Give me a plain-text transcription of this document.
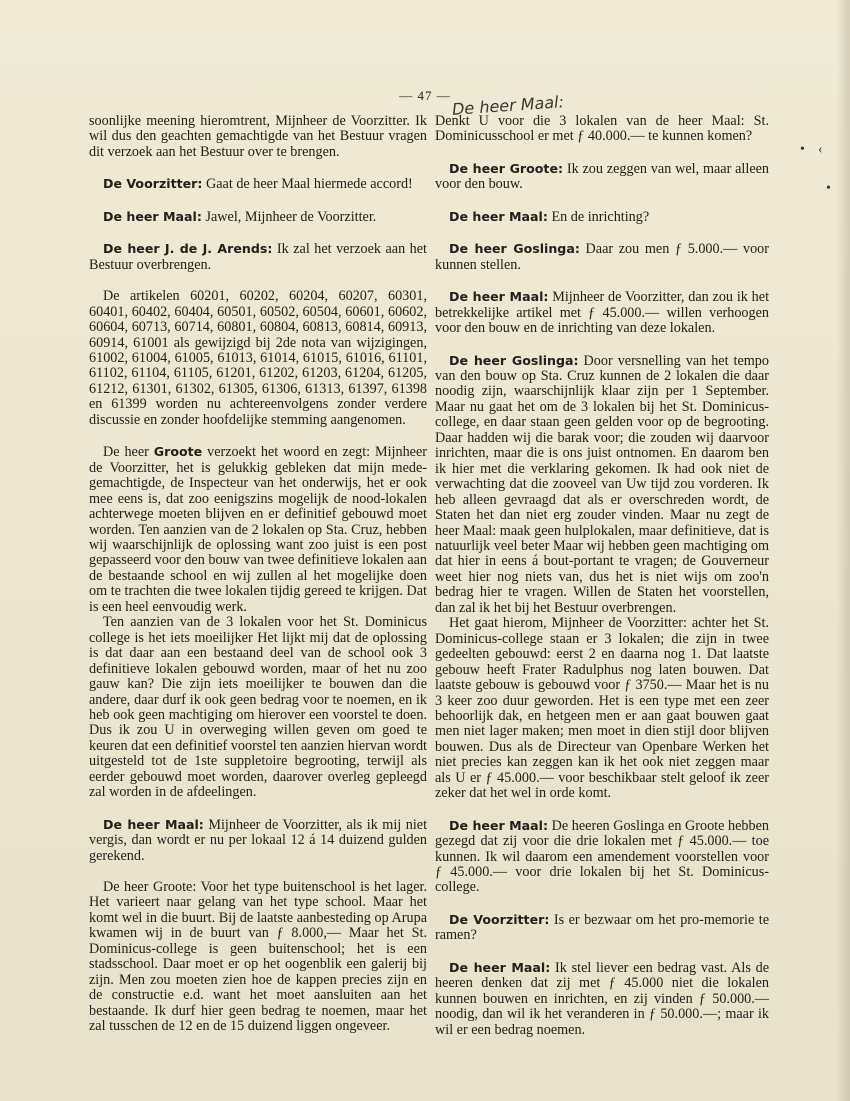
— 47 — De heer Maal:

soonlijke meening hieromtrent, Mijnheer de Voorzitter. Ik wil dus den geachten gemachtigde van het Bestuur vragen dit verzoek aan het Bestuur over te brengen.

De Voorzitter: Gaat de heer Maal hiermede accord!

De heer Maal: Jawel, Mijnheer de Voorzitter.

De heer J. de J. Arends: Ik zal het verzoek aan het Bestuur overbrengen.

De artikelen 60201, 60202, 60204, 60207, 60301, 60401, 60402, 60404, 60501, 60502, 60504, 60601, 60602, 60604, 60713, 60714, 60801, 60804, 60813, 60814, 60913, 60914, 61001 als gewijzigd bij 2de nota van wijzigingen, 61002, 61004, 61005, 61013, 61014, 61015, 61016, 61101, 61102, 61104, 61105, 61201, 61202, 61203, 61204, 61205, 61212, 61301, 61302, 61305, 61306, 61313, 61397, 61398 en 61399 worden nu achtereenvolgens zonder verdere discussie en zonder hoofdelijke stemming aangenomen.

De heer Groote verzoekt het woord en zegt: Mijnheer de Voorzitter, het is gelukkig gebleken dat mijn mede-gemachtigde, de Inspecteur van het onderwijs, het er ook mee eens is, dat zoo eenigszins mogelijk de nood-lokalen achterwege moeten blijven en er definitief gebouwd moet worden. Ten aanzien van de 2 lokalen op Sta. Cruz, hebben wij waarschijnlijk de oplossing want zoo juist is een post gepasseerd voor den bouw van twee definitieve lokalen aan de bestaande school en wij zullen al het mogelijke doen om te trachten die twee lokalen tijdig gereed te krijgen. Dat is een heel eenvoudig werk.

Ten aanzien van de 3 lokalen voor het St. Dominicus college is het iets moeilijker Het lijkt mij dat de oplossing is dat daar aan een bestaand deel van de school ook 3 definitieve lokalen gebouwd worden, maar of het nu zoo gauw kan? Die zijn iets moeilijker te bouwen dan die andere, daar durf ik ook geen bedrag voor te noemen, en ik heb ook geen machtiging om hierover een voorstel te doen. Dus ik zou U in overweging willen geven om goed te keuren dat een definitief voorstel ten aanzien hiervan wordt uitgesteld tot de 1ste suppletoire begrooting, terwijl als eerder gebouwd moet worden, daarover overleg gepleegd zal worden in de afdeelingen.

De heer Maal: Mijnheer de Voorzitter, als ik mij niet vergis, dan wordt er nu per lokaal 12 á 14 duizend gulden gerekend.

De heer Groote: Voor het type buitenschool is het lager. Het varieert naar gelang van het type school. Maar het komt wel in die buurt. Bij de laatste aanbesteding op Arupa kwamen wij in de buurt van ƒ 8.000,— Maar het St. Dominicus-college is geen buitenschool; het is een stadsschool. Daar moet er op het oogenblik een galerij bij zijn. Men zou moeten zien hoe de kappen precies zijn en de constructie e.d. want het moet aansluiten aan het bestaande. Ik durf hier geen bedrag te noemen, maar het zal tusschen de 12 en de 15 duizend liggen ongeveer.

Denkt U voor die 3 lokalen van de heer Maal: St. Dominicusschool er met ƒ 40.000.— te kunnen komen?

De heer Groote: Ik zou zeggen van wel, maar alleen voor den bouw.

De heer Maal: En de inrichting?

De heer Goslinga: Daar zou men ƒ 5.000.— voor kunnen stellen.

De heer Maal: Mijnheer de Voorzitter, dan zou ik het betrekkelijke artikel met ƒ 45.000.— willen verhoogen voor den bouw en de inrichting van deze lokalen.

De heer Goslinga: Door versnelling van het tempo van den bouw op Sta. Cruz kunnen de 2 lokalen die daar noodig zijn, waarschijnlijk klaar zijn per 1 September. Maar nu gaat het om de 3 lokalen bij het St. Dominicus-college, en daar staan geen gelden voor op de begrooting. Daar hadden wij die barak voor; die zouden wij daarvoor inrichten, maar die is ons juist ontnomen. En daarom ben ik hier met die verklaring gekomen. Ik had ook niet de verwachting dat die zooveel van Uw tijd zou vorderen. Ik heb alleen gevraagd dat als er overschreden wordt, de Staten het dan niet erg zouder vinden. Maar nu zegt de heer Maal: maak geen hulplokalen, maar definitieve, dat is natuurlijk veel beter Maar wij hebben geen machtiging om dat hier in eens á bout-portant te vragen; de Gouverneur weet hier nog niets van, dus het is niet wijs om zoo'n bedrag hier te vragen. Willen de Staten het voorstellen, dan zal ik het bij het Bestuur overbrengen.

Het gaat hierom, Mijnheer de Voorzitter: achter het St. Dominicus-college staan er 3 lokalen; die zijn in twee gedeelten gebouwd: eerst 2 en daarna nog 1. Dat laatste gebouw heeft Frater Radulphus nog laten bouwen. Dat laatste gebouw is gebouwd voor ƒ 3750.— Maar het is nu 3 keer zoo duur geworden. Het is een type met een zeer behoorlijk dak, en hetgeen men er aan gaat bouwen gaat men niet lager maken; men moet in dien stijl door blijven bouwen. Dus als de Directeur van Openbare Werken het niet precies kan zeggen kan ik het ook niet zeggen maar als U er ƒ 45.000.— voor beschikbaar stelt geloof ik zeer zeker dat het wel in orde komt.

De heer Maal: De heeren Goslinga en Groote hebben gezegd dat zij voor die drie lokalen met ƒ 45.000.— toe kunnen. Ik wil daarom een amendement voorstellen voor ƒ 45.000.— voor drie lokalen bij het St. Dominicus-college.

De Voorzitter: Is er bezwaar om het pro-memorie te ramen?

De heer Maal: Ik stel liever een bedrag vast. Als de heeren denken dat zij met ƒ 45.000 niet die lokalen kunnen bouwen en inrichten, en zij vinden ƒ 50.000.— noodig, dan wil ik het veranderen in ƒ 50.000.—; maar ik wil er een bedrag noemen.

• ‹
•
